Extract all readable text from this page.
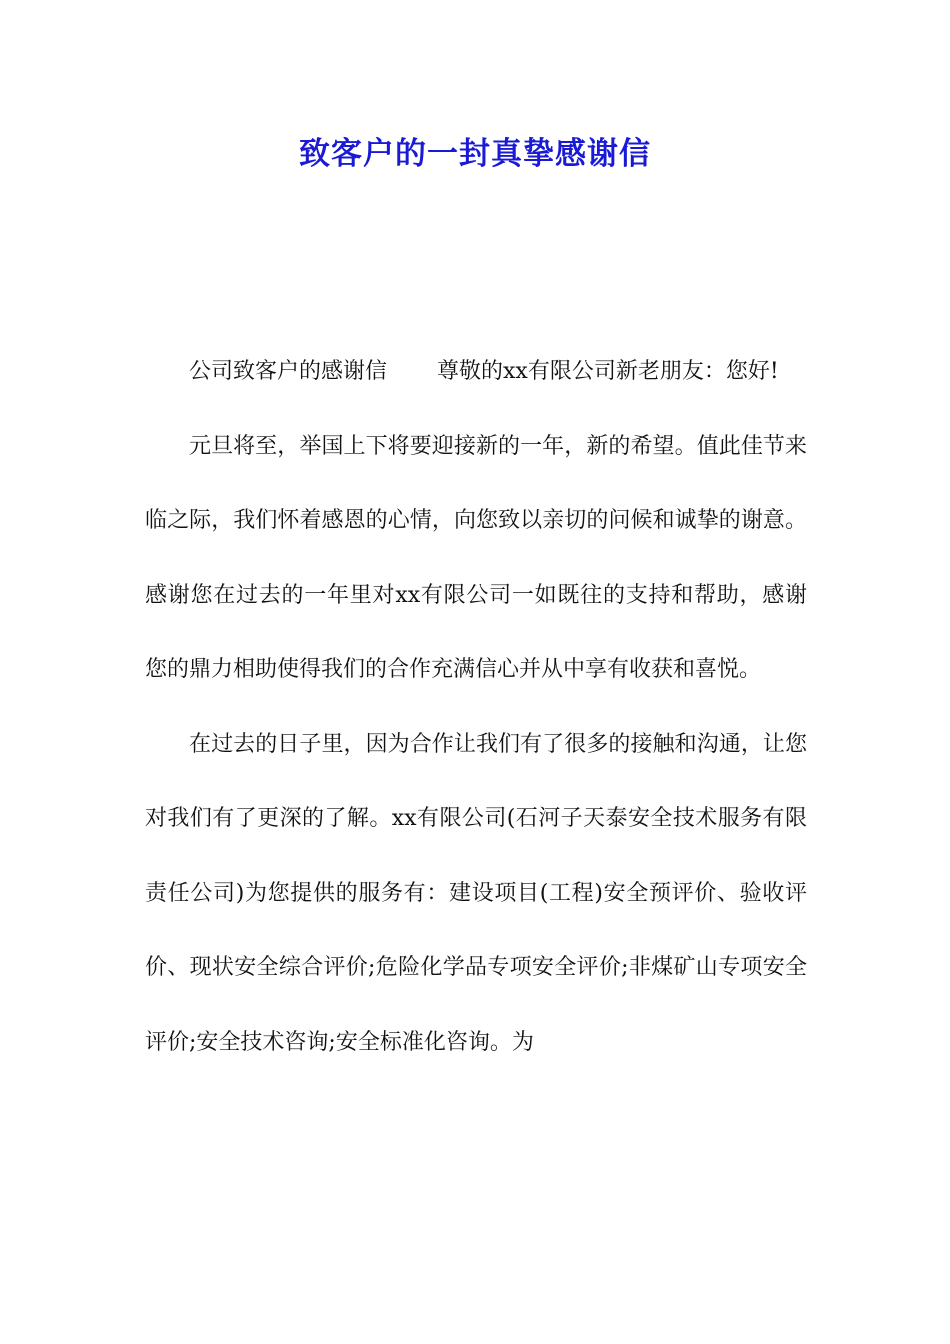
致客户的一封真挚感谢信

公司致客户的感谢信 尊敬的xx有限公司新老朋友：您好!

元旦将至，举国上下将要迎接新的一年，新的希望。值此佳节来临之际，我们怀着感恩的心情，向您致以亲切的问候和诚挚的谢意。感谢您在过去的一年里对xx有限公司一如既往的支持和帮助，感谢您的鼎力相助使得我们的合作充满信心并从中享有收获和喜悦。

在过去的日子里，因为合作让我们有了很多的接触和沟通，让您对我们有了更深的了解。xx有限公司(石河子天泰安全技术服务有限责任公司)为您提供的服务有：建设项目(工程)安全预评价、验收评价、现状安全综合评价;危险化学品专项安全评价;非煤矿山专项安全评价;安全技术咨询;安全标准化咨询。为
